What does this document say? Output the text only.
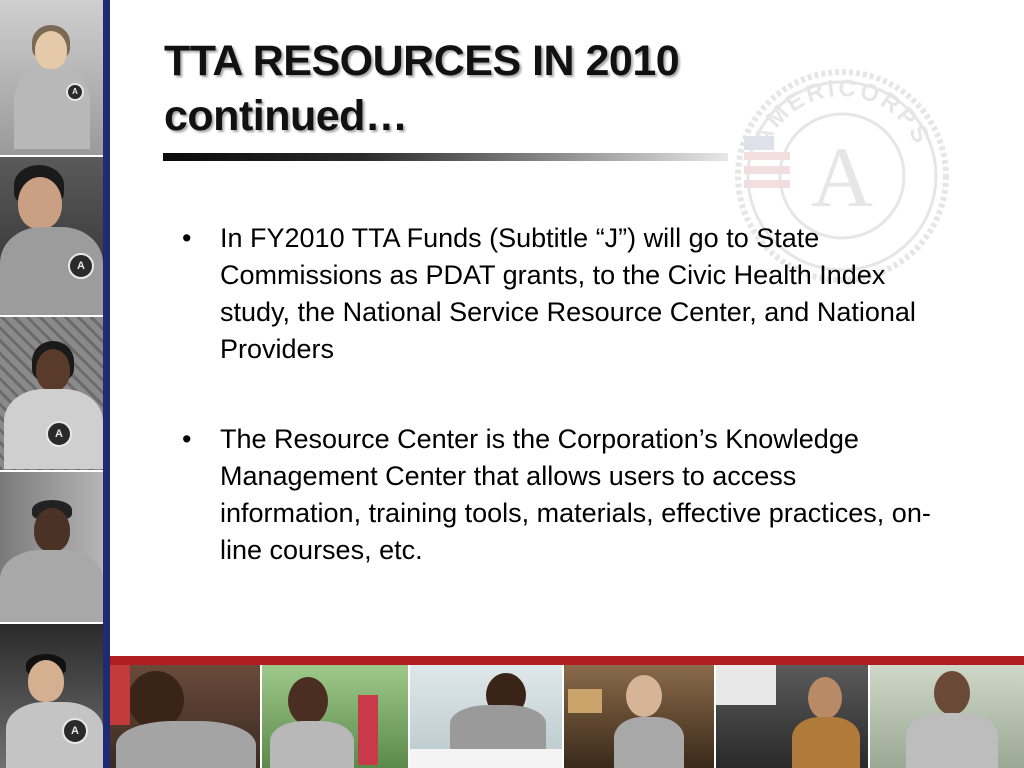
A
A
A
A
AMERICORPS
A
TTA RESOURCES IN 2010
continued…
•	In FY2010 TTA Funds (Subtitle “J”) will go to State Commissions as PDAT grants, to the Civic Health Index study, the National Service Resource Center, and National Providers
•	The Resource Center is the Corporation’s Knowledge Management Center that allows users to access information, training tools, materials, effective practices, on-line courses, etc.
